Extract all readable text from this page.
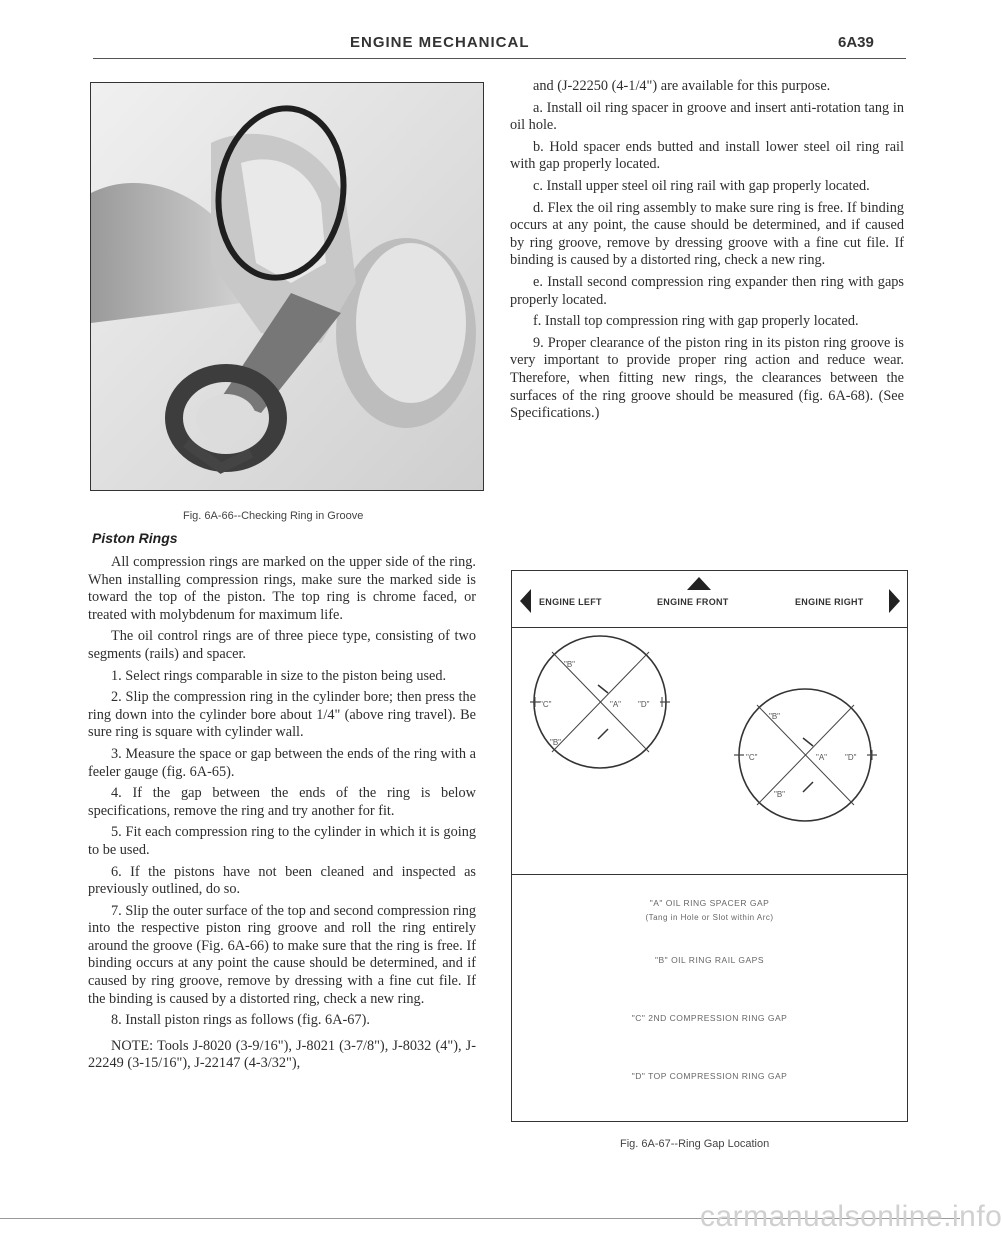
ENGINE MECHANICAL	6A39
Fig. 6A-66--Checking Ring in Groove
Piston Rings

All compression rings are marked on the upper side of the ring. When installing compression rings, make sure the marked side is toward the top of the piston. The top ring is chrome faced, or treated with molybdenum for maximum life.

The oil control rings are of three piece type, consisting of two segments (rails) and spacer.

1. Select rings comparable in size to the piston being used.

2. Slip the compression ring in the cylinder bore; then press the ring down into the cylinder bore about 1/4" (above ring travel). Be sure ring is square with cylinder wall.

3. Measure the space or gap between the ends of the ring with a feeler gauge (fig. 6A-65).

4. If the gap between the ends of the ring is below specifications, remove the ring and try another for fit.

5. Fit each compression ring to the cylinder in which it is going to be used.

6. If the pistons have not been cleaned and inspected as previously outlined, do so.

7. Slip the outer surface of the top and second compression ring into the respective piston ring groove and roll the ring entirely around the groove (Fig. 6A-66) to make sure that the ring is free. If binding occurs at any point the cause should be determined, and if caused by ring groove, remove by dressing with a fine cut file. If the binding is caused by a distorted ring, check a new ring.

8. Install piston rings as follows (fig. 6A-67).

NOTE: Tools J-8020 (3-9/16"), J-8021 (3-7/8"), J-8032 (4"), J-22249 (3-15/16"), J-22147 (4-3/32"),

and (J-22250 (4-1/4") are available for this purpose.

a. Install oil ring spacer in groove and insert anti-rotation tang in oil hole.

b. Hold spacer ends butted and install lower steel oil ring rail with gap properly located.

c. Install upper steel oil ring rail with gap properly located.

d. Flex the oil ring assembly to make sure ring is free. If binding occurs at any point, the cause should be determined, and if caused by ring groove, remove by dressing groove with a fine cut file. If binding is caused by a distorted ring, check a new ring.

e. Install second compression ring expander then ring with gaps properly located.

f. Install top compression ring with gap properly located.

9. Proper clearance of the piston ring in its piston ring groove is very important to provide proper ring action and reduce wear. Therefore, when fitting new rings, the clearances between the surfaces of the ring groove should be measured (fig. 6A-68). (See Specifications.)

ENGINE LEFT	ENGINE FRONT	ENGINE RIGHT
"B"
"C"	"A" "D"
"B"
"B"
"C"	"A" "D"
"B"
"A" OIL RING SPACER GAP
(Tang in Hole or Slot within Arc)
"B" OIL RING RAIL GAPS
"C" 2ND COMPRESSION RING GAP
"D" TOP COMPRESSION RING GAP
Fig. 6A-67--Ring Gap Location
carmanualsonline.info
